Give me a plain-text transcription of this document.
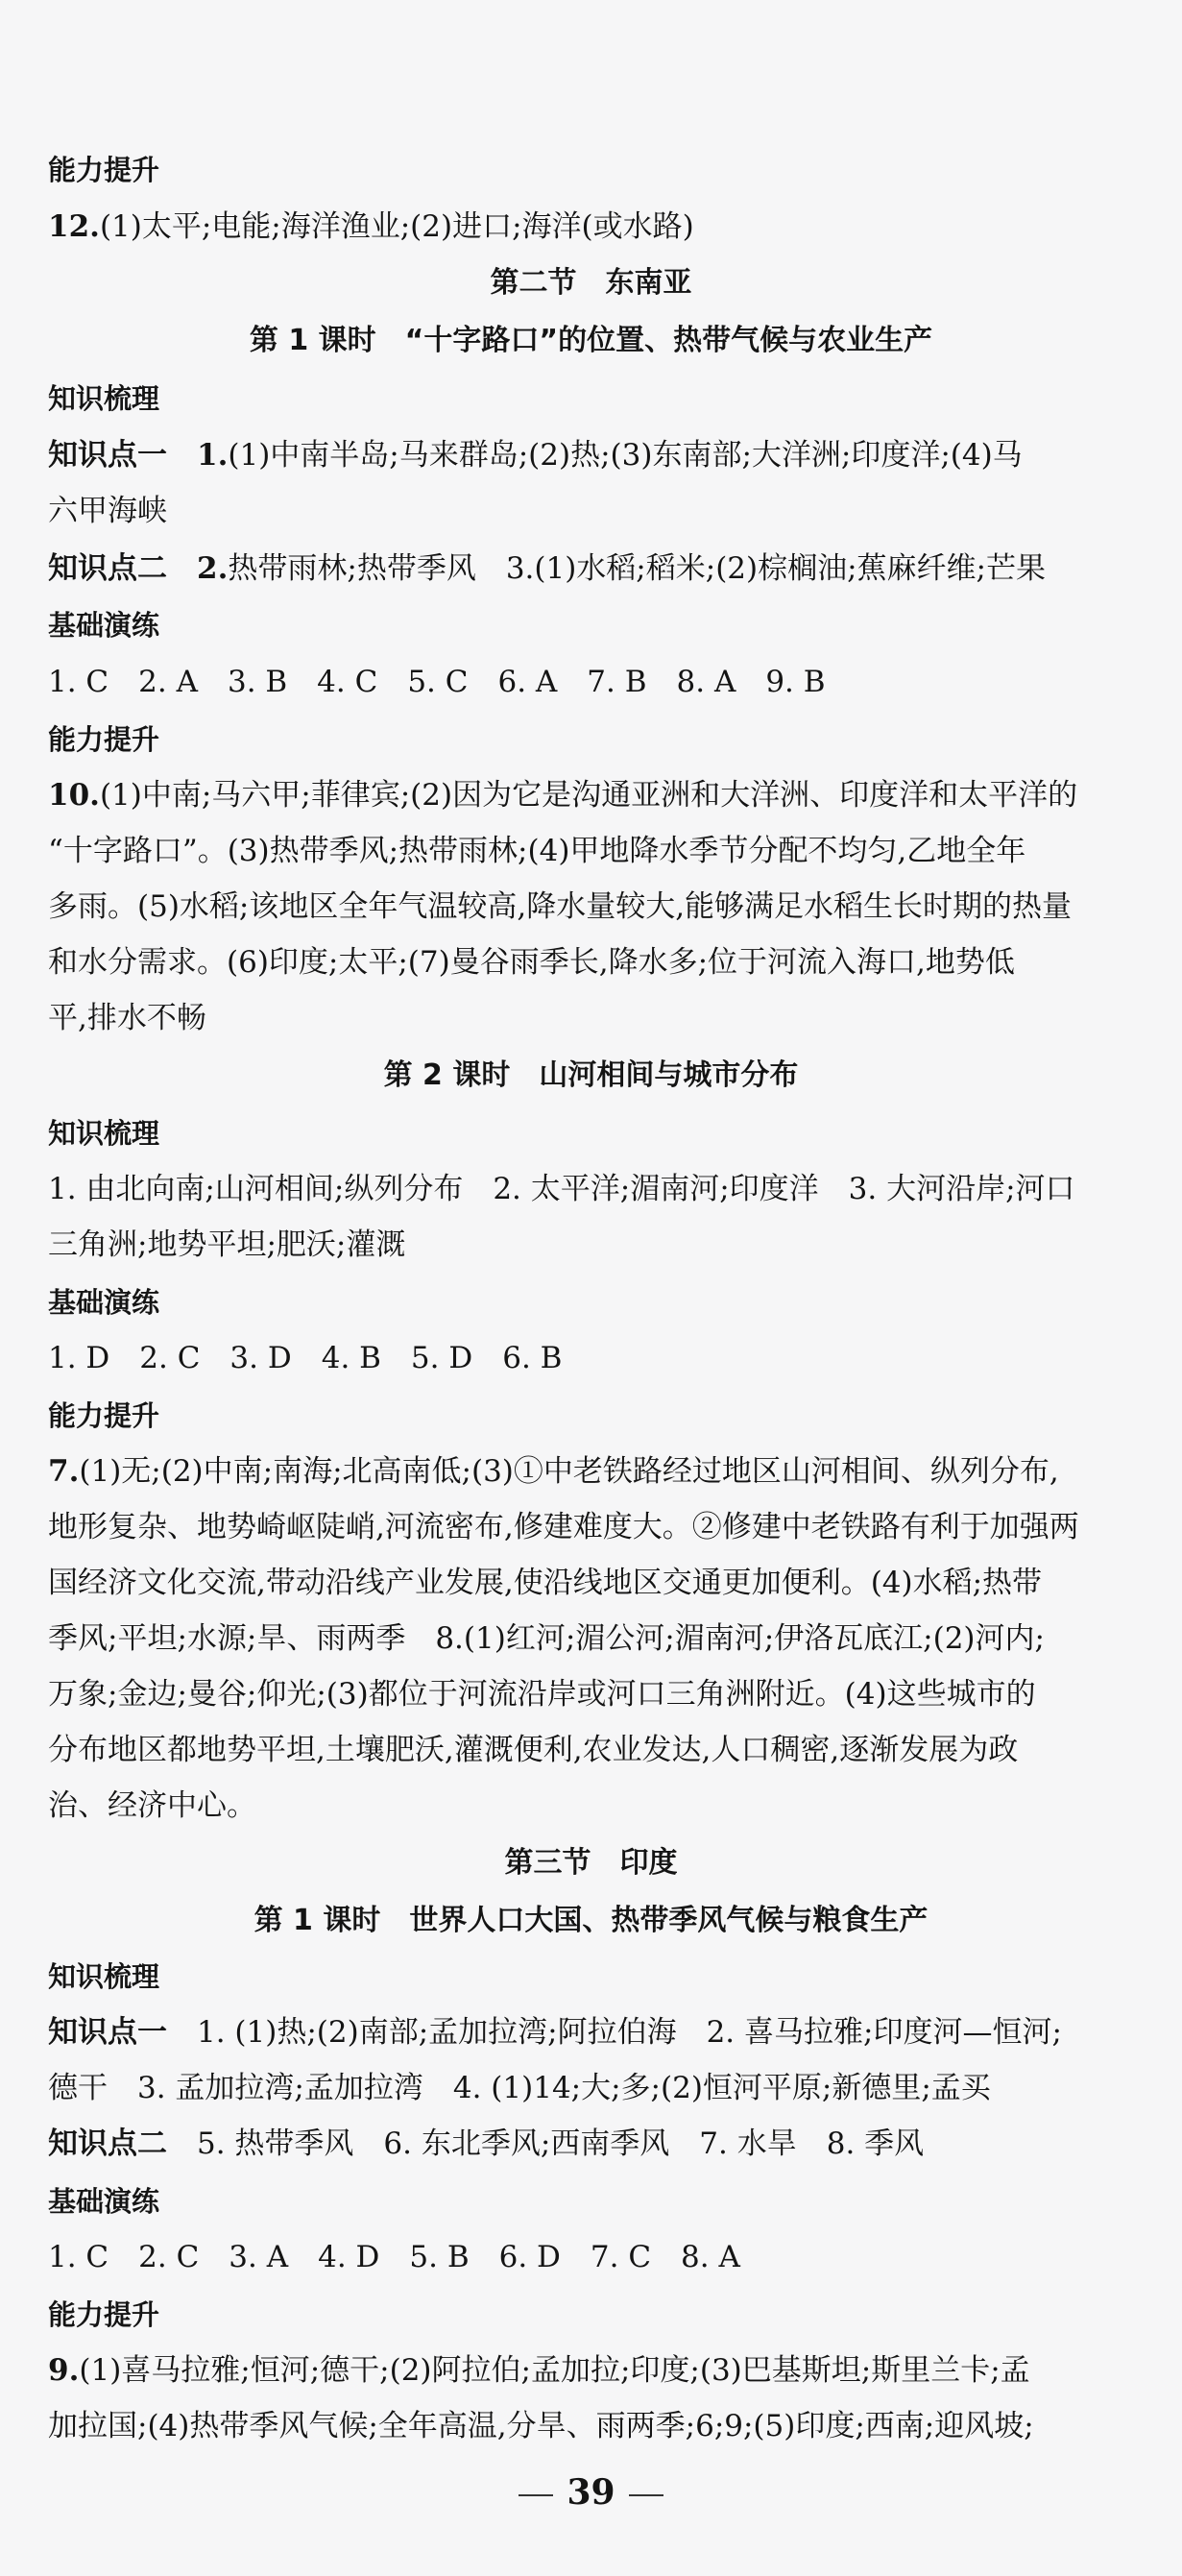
能力提升
12.(1)太平;电能;海洋渔业;(2)进口;海洋(或水路)
第二节　东南亚
第 1 课时　“十字路口”的位置、热带气候与农业生产
知识梳理
知识点一　 1.(1)中南半岛;马来群岛;(2)热;(3)东南部;大洋洲;印度洋;(4)马
六甲海峡
知识点二　 2.热带雨林;热带季风　3.(1)水稻;稻米;(2)棕榈油;蕉麻纤维;芒果
基础演练
1. C　2. A　3. B　4. C　5. C　6. A　7. B　8. A　9. B
能力提升
10.(1)中南;马六甲;菲律宾;(2)因为它是沟通亚洲和大洋洲、印度洋和太平洋的
“十字路口”。(3)热带季风;热带雨林;(4)甲地降水季节分配不均匀,乙地全年
多雨。(5)水稻;该地区全年气温较高,降水量较大,能够满足水稻生长时期的热量
和水分需求。(6)印度;太平;(7)曼谷雨季长,降水多;位于河流入海口,地势低
平,排水不畅
第 2 课时　山河相间与城市分布
知识梳理
1. 由北向南;山河相间;纵列分布　2. 太平洋;湄南河;印度洋　3. 大河沿岸;河口
三角洲;地势平坦;肥沃;灌溉
基础演练
1. D　2. C　3. D　4. B　5. D　6. B
能力提升
7.(1)无;(2)中南;南海;北高南低;(3)①中老铁路经过地区山河相间、纵列分布,
地形复杂、地势崎岖陡峭,河流密布,修建难度大。②修建中老铁路有利于加强两
国经济文化交流,带动沿线产业发展,使沿线地区交通更加便利。(4)水稻;热带
季风;平坦;水源;旱、雨两季　8.(1)红河;湄公河;湄南河;伊洛瓦底江;(2)河内;
万象;金边;曼谷;仰光;(3)都位于河流沿岸或河口三角洲附近。(4)这些城市的
分布地区都地势平坦,土壤肥沃,灌溉便利,农业发达,人口稠密,逐渐发展为政
治、经济中心。
第三节　印度
第 1 课时　世界人口大国、热带季风气候与粮食生产
知识梳理
知识点一　 1. (1)热;(2)南部;孟加拉湾;阿拉伯海　2. 喜马拉雅;印度河—恒河;
德干　3. 孟加拉湾;孟加拉湾　4. (1)14;大;多;(2)恒河平原;新德里;孟买
知识点二　 5. 热带季风　6. 东北季风;西南季风　7. 水旱　8. 季风
基础演练
1. C　2. C　3. A　4. D　5. B　6. D　7. C　8. A
能力提升
9.(1)喜马拉雅;恒河;德干;(2)阿拉伯;孟加拉;印度;(3)巴基斯坦;斯里兰卡;孟
加拉国;(4)热带季风气候;全年高温,分旱、雨两季;6;9;(5)印度;西南;迎风坡;
39
